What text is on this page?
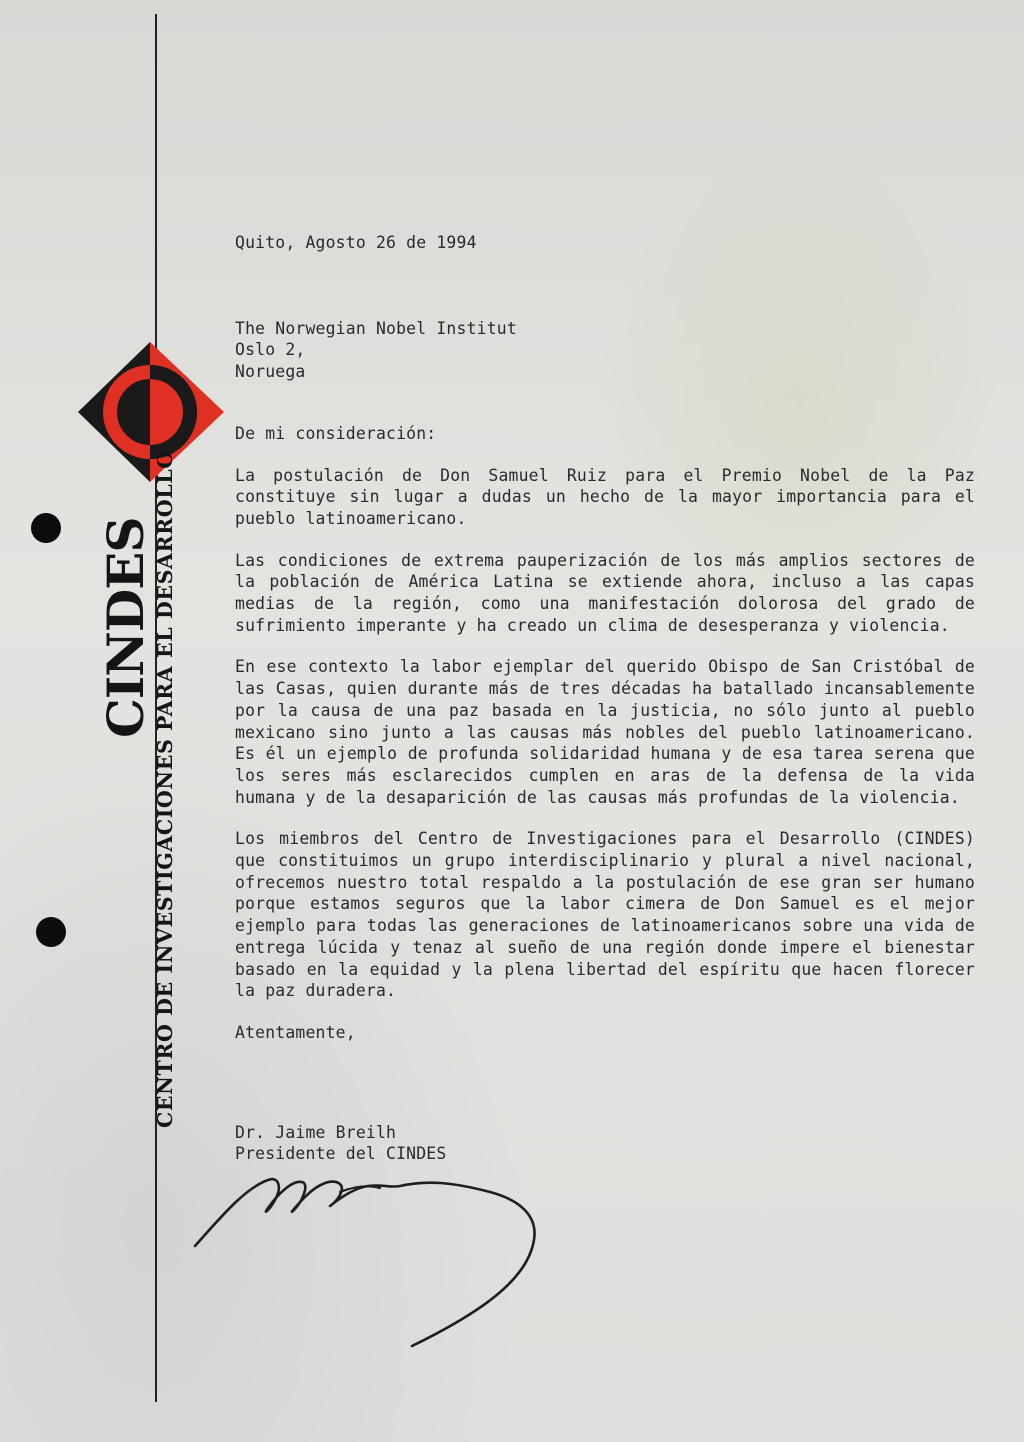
CINDES
CENTRO DE INVESTIGACIONES PARA EL DESARROLLO

Quito, Agosto 26 de 1994

The Norwegian Nobel Institut
Oslo 2,
Noruega

De mi consideración:

La postulación de Don Samuel Ruiz para el Premio Nobel de la Paz constituye sin lugar a dudas un hecho de la mayor importancia para el pueblo latinoamericano.

Las condiciones de extrema pauperización de los más amplios sectores de la población de América Latina se extiende ahora, incluso a las capas medias de la región, como una manifestación dolorosa del grado de sufrimiento imperante y ha creado un clima de desesperanza y violencia.

En ese contexto la labor ejemplar del querido Obispo de San Cristóbal de las Casas, quien durante más de tres décadas ha batallado incansablemente por la causa de una paz basada en la justicia, no sólo junto al pueblo mexicano sino junto a las causas más nobles del pueblo latinoamericano. Es él un ejemplo de profunda solidaridad humana y de esa tarea serena que los seres más esclarecidos cumplen en aras de la defensa de la vida humana y de la desaparición de las causas más profundas de la violencia.

Los miembros del Centro de Investigaciones para el Desarrollo (CINDES) que constituimos un grupo interdisciplinario y plural a nivel nacional, ofrecemos nuestro total respaldo a la postulación de ese gran ser humano porque estamos seguros que la labor cimera de Don Samuel es el mejor ejemplo para todas las generaciones de latinoamericanos sobre una vida de entrega lúcida y tenaz al sueño de una región donde impere el bienestar basado en la equidad y la plena libertad del espíritu que hacen florecer la paz duradera.

Atentamente,

Dr. Jaime Breilh
Presidente del CINDES
